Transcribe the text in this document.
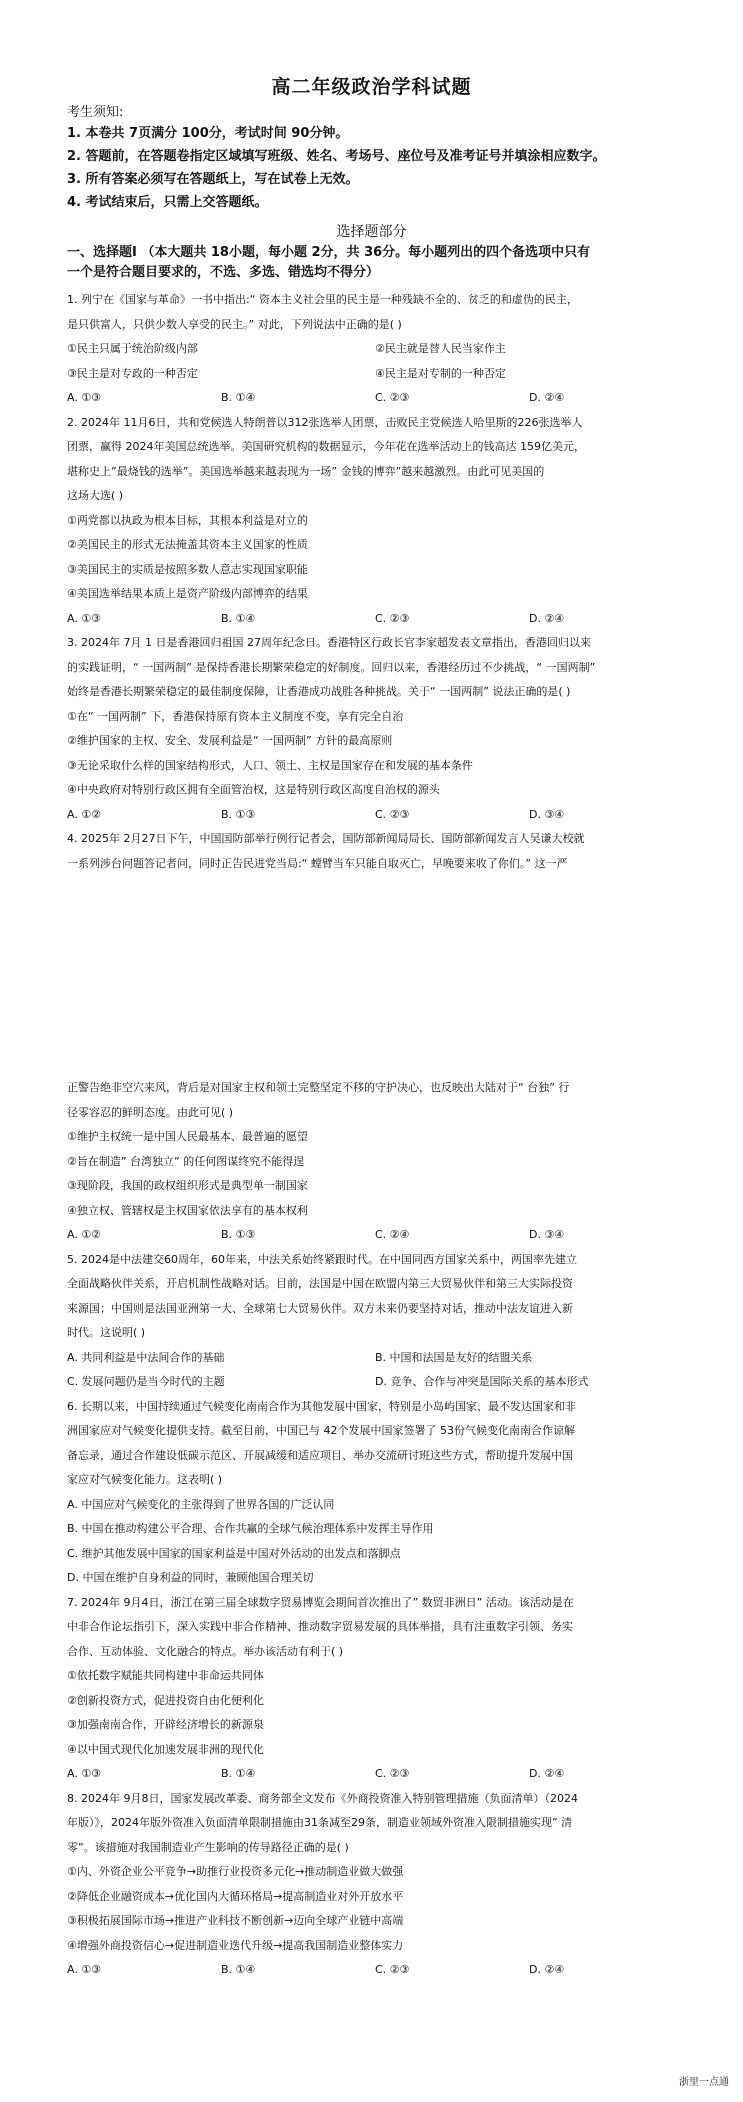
高二年级政治学科试题
考生须知:
1. 本卷共 7页满分 100分，考试时间 90分钟。
2. 答题前，在答题卷指定区域填写班级、姓名、考场号、座位号及准考证号并填涂相应数字。
3. 所有答案必须写在答题纸上，写在试卷上无效。
4. 考试结束后，只需上交答题纸。
选择题部分
一、选择题Ⅰ （本大题共 18小题，每小题 2分，共 36分。每小题列出的四个备选项中只有
一个是符合题目要求的，不选、多选、错选均不得分）

1. 列宁在《国家与革命》一书中指出:“ 资本主义社会里的民主是一种残缺不全的、贫乏的和虚伪的民主，

是只供富人，只供少数人享受的民主。” 对此，下列说法中正确的是( )

①民主只属于统治阶级内部	②民主就是替人民当家作主
③民主是对专政的一种否定	④民主是对专制的一种否定
A. ①③	B. ①④	C. ②③	D. ②④

2. 2024年 11月6日，共和党候选人特朗普以312张选举人团票，击败民主党候选人哈里斯的226张选举人

团票，赢得 2024年美国总统选举。美国研究机构的数据显示，今年花在选举活动上的钱高达 159亿美元，

堪称史上”最烧钱的选举”。美国选举越来越表现为一场” 金钱的博弈”越来越激烈。由此可见美国的

这场大选( )

①两党都以执政为根本目标，其根本利益是对立的

②美国民主的形式无法掩盖其资本主义国家的性质

③美国民主的实质是按照多数人意志实现国家职能

④美国选举结果本质上是资产阶级内部博弈的结果

A. ①③	B. ①④	C. ②③	D. ②④

3. 2024年 7月 1 日是香港回归祖国 27周年纪念日。香港特区行政长官李家超发表文章指出，香港回归以来

的实践证明，“ 一国两制” 是保持香港长期繁荣稳定的好制度。回归以来，香港经历过不少挑战，“ 一国两制”

始终是香港长期繁荣稳定的最佳制度保障，让香港成功战胜各种挑战。关于“ 一国两制” 说法正确的是( )

①在“ 一国两制” 下，香港保持原有资本主义制度不变，享有完全自治

②维护国家的主权、安全、发展利益是“ 一国两制” 方针的最高原则

③无论采取什么样的国家结构形式，人口、领土、主权是国家存在和发展的基本条件

④中央政府对特别行政区拥有全面管治权，这是特别行政区高度自治权的源头

A. ①②	B. ①③	C. ②③	D. ③④

4. 2025年 2月27日下午，中国国防部举行例行记者会，国防部新闻局局长、国防部新闻发言人吴谦大校就

一系列涉台问题答记者问，同时正告民进党当局:“ 螳臂当车只能自取灭亡，早晚要来收了你们。” 这一严

正警告绝非空穴来风，背后是对国家主权和领土完整坚定不移的守护决心，也反映出大陆对于“ 台独” 行

径零容忍的鲜明态度。由此可见( )

①维护主权统一是中国人民最基本、最普遍的愿望

②旨在制造” 台湾独立” 的任何图谋终究不能得逞

③现阶段，我国的政权组织形式是典型单一制国家

④独立权、管辖权是主权国家依法享有的基本权利

A. ①②	B. ①③	C. ②④	D. ③④

5. 2024是中法建交60周年，60年来，中法关系始终紧跟时代。在中国同西方国家关系中，两国率先建立

全面战略伙伴关系，开启机制性战略对话。目前，法国是中国在欧盟内第三大贸易伙伴和第三大实际投资

来源国；中国则是法国亚洲第一大、全球第七大贸易伙伴。双方未来仍要坚持对话，推动中法友谊进入新

时代。这说明( )

A. 共同利益是中法间合作的基础	B. 中国和法国是友好的结盟关系
C. 发展问题仍是当今时代的主题	D. 竞争、合作与冲突是国际关系的基本形式

6. 长期以来，中国持续通过气候变化南南合作为其他发展中国家，特别是小岛屿国家、最不发达国家和非

洲国家应对气候变化提供支持。截至目前，中国已与 42个发展中国家签署了 53份气候变化南南合作谅解

备忘录，通过合作建设低碳示范区、开展减缓和适应项目、举办交流研讨班这些方式，帮助提升发展中国

家应对气候变化能力。这表明( )

A. 中国应对气候变化的主张得到了世界各国的广泛认同

B. 中国在推动构建公平合理、合作共赢的全球气候治理体系中发挥主导作用

C. 维护其他发展中国家的国家利益是中国对外活动的出发点和落脚点

D. 中国在维护自身利益的同时，兼顾他国合理关切

7. 2024年 9月4日，浙江在第三届全球数字贸易博览会期间首次推出了” 数贸非洲日” 活动。该活动是在

中非合作论坛指引下，深入实践中非合作精神、推动数字贸易发展的具体举措，具有注重数字引领、务实

合作、互动体验、文化融合的特点。举办该活动有利于( )

①依托数字赋能共同构建中非命运共同体

②创新投资方式，促进投资自由化便利化

③加强南南合作，开辟经济增长的新源泉

④以中国式现代化加速发展非洲的现代化

A. ①③	B. ①④	C. ②③	D. ②④

8. 2024年 9月8日，国家发展改革委、商务部全文发布《外商投资准入特别管理措施（负面清单）（2024

年版）》，2024年版外资准入负面清单限制措施由31条减至29条，制造业领域外资准入限制措施实现” 清

零”。该措施对我国制造业产生影响的传导路径正确的是( )

①内、外资企业公平竞争→助推行业投资多元化→推动制造业做大做强

②降低企业融资成本→优化国内大循环格局→提高制造业对外开放水平

③积极拓展国际市场→推进产业科技不断创新→迈向全球产业链中高端

④增强外商投资信心→促进制造业迭代升级→提高我国制造业整体实力

A. ①③	B. ①④	C. ②③	D. ②④
浙里一点通
